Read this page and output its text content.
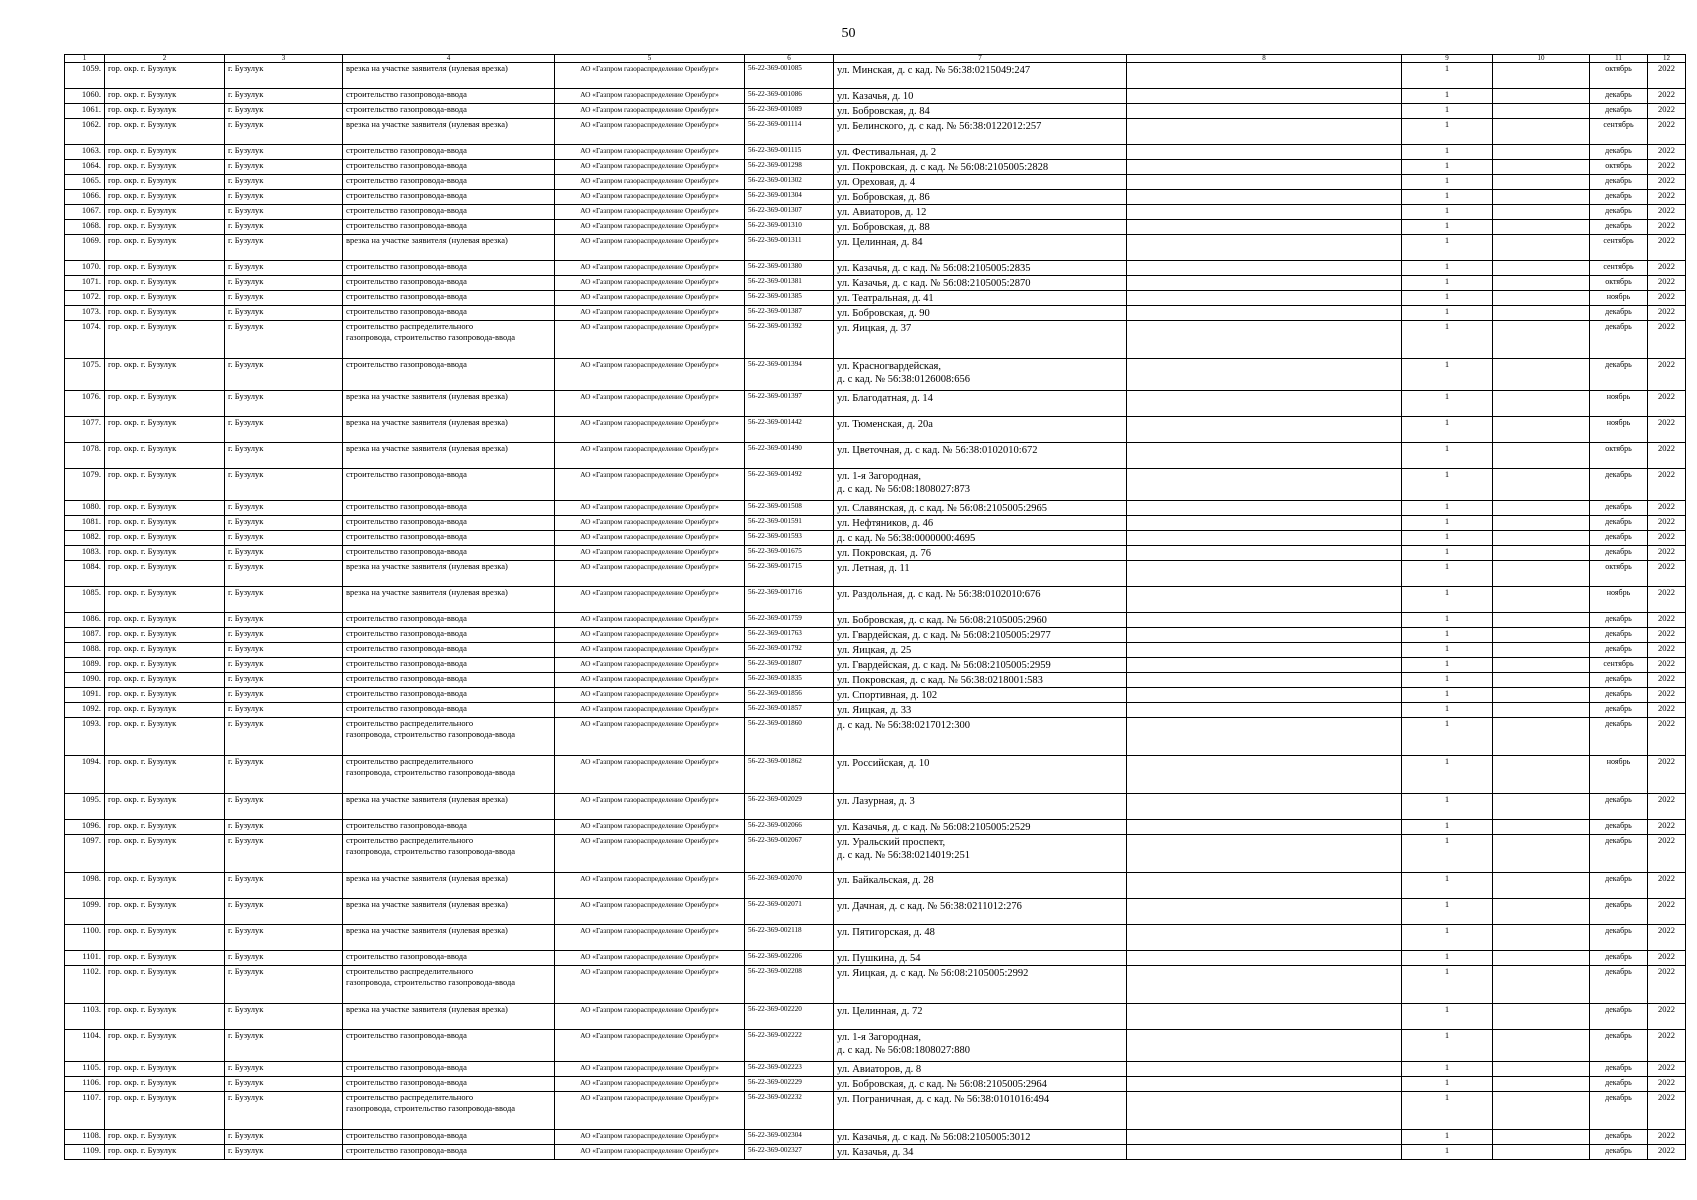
50
1	2	3	4	5	6	7	8	9	10	11	12
1059.	гор. окр. г. Бузулук	г. Бузулук	врезка на участке заявителя (нулевая врезка)	АО «Газпром газораспределение Оренбург»	56-22-369-001085	ул. Минская, д. с кад. № 56:38:0215049:247		1		октябрь	2022
1060.	гор. окр. г. Бузулук	г. Бузулук	строительство газопровода-ввода	АО «Газпром газораспределение Оренбург»	56-22-369-001086	ул. Казачья, д. 10		1		декабрь	2022
1061.	гор. окр. г. Бузулук	г. Бузулук	строительство газопровода-ввода	АО «Газпром газораспределение Оренбург»	56-22-369-001089	ул. Бобровская, д. 84		1		декабрь	2022
1062.	гор. окр. г. Бузулук	г. Бузулук	врезка на участке заявителя (нулевая врезка)	АО «Газпром газораспределение Оренбург»	56-22-369-001114	ул. Белинского, д. с кад. № 56:38:0122012:257		1		сентябрь	2022
1063.	гор. окр. г. Бузулук	г. Бузулук	строительство газопровода-ввода	АО «Газпром газораспределение Оренбург»	56-22-369-001115	ул. Фестивальная, д. 2		1		декабрь	2022
1064.	гор. окр. г. Бузулук	г. Бузулук	строительство газопровода-ввода	АО «Газпром газораспределение Оренбург»	56-22-369-001298	ул. Покровская, д. с кад. № 56:08:2105005:2828		1		октябрь	2022
1065.	гор. окр. г. Бузулук	г. Бузулук	строительство газопровода-ввода	АО «Газпром газораспределение Оренбург»	56-22-369-001302	ул. Ореховая, д. 4		1		декабрь	2022
1066.	гор. окр. г. Бузулук	г. Бузулук	строительство газопровода-ввода	АО «Газпром газораспределение Оренбург»	56-22-369-001304	ул. Бобровская, д. 86		1		декабрь	2022
1067.	гор. окр. г. Бузулук	г. Бузулук	строительство газопровода-ввода	АО «Газпром газораспределение Оренбург»	56-22-369-001307	ул. Авиаторов, д. 12		1		декабрь	2022
1068.	гор. окр. г. Бузулук	г. Бузулук	строительство газопровода-ввода	АО «Газпром газораспределение Оренбург»	56-22-369-001310	ул. Бобровская, д. 88		1		декабрь	2022
1069.	гор. окр. г. Бузулук	г. Бузулук	врезка на участке заявителя (нулевая врезка)	АО «Газпром газораспределение Оренбург»	56-22-369-001311	ул. Целинная, д. 84		1		сентябрь	2022
1070.	гор. окр. г. Бузулук	г. Бузулук	строительство газопровода-ввода	АО «Газпром газораспределение Оренбург»	56-22-369-001380	ул. Казачья, д. с кад. № 56:08:2105005:2835		1		сентябрь	2022
1071.	гор. окр. г. Бузулук	г. Бузулук	строительство газопровода-ввода	АО «Газпром газораспределение Оренбург»	56-22-369-001381	ул. Казачья, д. с кад. № 56:08:2105005:2870		1		октябрь	2022
1072.	гор. окр. г. Бузулук	г. Бузулук	строительство газопровода-ввода	АО «Газпром газораспределение Оренбург»	56-22-369-001385	ул. Театральная, д. 41		1		ноябрь	2022
1073.	гор. окр. г. Бузулук	г. Бузулук	строительство газопровода-ввода	АО «Газпром газораспределение Оренбург»	56-22-369-001387	ул. Бобровская, д. 90		1		декабрь	2022
1074.	гор. окр. г. Бузулук	г. Бузулук	строительство распределительного
газопровода, строительство газопровода-ввода	АО «Газпром газораспределение Оренбург»	56-22-369-001392	ул. Яицкая, д. 37		1		декабрь	2022
1075.	гор. окр. г. Бузулук	г. Бузулук	строительство газопровода-ввода	АО «Газпром газораспределение Оренбург»	56-22-369-001394	ул. Красногвардейская,
д. с кад. № 56:38:0126008:656		1		декабрь	2022
1076.	гор. окр. г. Бузулук	г. Бузулук	врезка на участке заявителя (нулевая врезка)	АО «Газпром газораспределение Оренбург»	56-22-369-001397	ул. Благодатная, д. 14		1		ноябрь	2022
1077.	гор. окр. г. Бузулук	г. Бузулук	врезка на участке заявителя (нулевая врезка)	АО «Газпром газораспределение Оренбург»	56-22-369-001442	ул. Тюменская, д. 20а		1		ноябрь	2022
1078.	гор. окр. г. Бузулук	г. Бузулук	врезка на участке заявителя (нулевая врезка)	АО «Газпром газораспределение Оренбург»	56-22-369-001490	ул. Цветочная, д. с кад. № 56:38:0102010:672		1		октябрь	2022
1079.	гор. окр. г. Бузулук	г. Бузулук	строительство газопровода-ввода	АО «Газпром газораспределение Оренбург»	56-22-369-001492	ул. 1-я Загородная,
д. с кад. № 56:08:1808027:873		1		декабрь	2022
1080.	гор. окр. г. Бузулук	г. Бузулук	строительство газопровода-ввода	АО «Газпром газораспределение Оренбург»	56-22-369-001508	ул. Славянская, д. с кад. № 56:08:2105005:2965		1		декабрь	2022
1081.	гор. окр. г. Бузулук	г. Бузулук	строительство газопровода-ввода	АО «Газпром газораспределение Оренбург»	56-22-369-001591	ул. Нефтяников, д. 46		1		декабрь	2022
1082.	гор. окр. г. Бузулук	г. Бузулук	строительство газопровода-ввода	АО «Газпром газораспределение Оренбург»	56-22-369-001593	д. с кад. № 56:38:0000000:4695		1		декабрь	2022
1083.	гор. окр. г. Бузулук	г. Бузулук	строительство газопровода-ввода	АО «Газпром газораспределение Оренбург»	56-22-369-001675	ул. Покровская, д. 76		1		декабрь	2022
1084.	гор. окр. г. Бузулук	г. Бузулук	врезка на участке заявителя (нулевая врезка)	АО «Газпром газораспределение Оренбург»	56-22-369-001715	ул. Летная, д. 11		1		октябрь	2022
1085.	гор. окр. г. Бузулук	г. Бузулук	врезка на участке заявителя (нулевая врезка)	АО «Газпром газораспределение Оренбург»	56-22-369-001716	ул. Раздольная, д. с кад. № 56:38:0102010:676		1		ноябрь	2022
1086.	гор. окр. г. Бузулук	г. Бузулук	строительство газопровода-ввода	АО «Газпром газораспределение Оренбург»	56-22-369-001759	ул. Бобровская, д. с кад. № 56:08:2105005:2960		1		декабрь	2022
1087.	гор. окр. г. Бузулук	г. Бузулук	строительство газопровода-ввода	АО «Газпром газораспределение Оренбург»	56-22-369-001763	ул. Гвардейская, д. с кад. № 56:08:2105005:2977		1		декабрь	2022
1088.	гор. окр. г. Бузулук	г. Бузулук	строительство газопровода-ввода	АО «Газпром газораспределение Оренбург»	56-22-369-001792	ул. Яицкая, д. 25		1		декабрь	2022
1089.	гор. окр. г. Бузулук	г. Бузулук	строительство газопровода-ввода	АО «Газпром газораспределение Оренбург»	56-22-369-001807	ул. Гвардейская, д. с кад. № 56:08:2105005:2959		1		сентябрь	2022
1090.	гор. окр. г. Бузулук	г. Бузулук	строительство газопровода-ввода	АО «Газпром газораспределение Оренбург»	56-22-369-001835	ул. Покровская, д. с кад. № 56:38:0218001:583		1		декабрь	2022
1091.	гор. окр. г. Бузулук	г. Бузулук	строительство газопровода-ввода	АО «Газпром газораспределение Оренбург»	56-22-369-001856	ул. Спортивная, д. 102		1		декабрь	2022
1092.	гор. окр. г. Бузулук	г. Бузулук	строительство газопровода-ввода	АО «Газпром газораспределение Оренбург»	56-22-369-001857	ул. Яицкая, д. 33		1		декабрь	2022
1093.	гор. окр. г. Бузулук	г. Бузулук	строительство распределительного
газопровода, строительство газопровода-ввода	АО «Газпром газораспределение Оренбург»	56-22-369-001860	д. с кад. № 56:38:0217012:300		1		декабрь	2022
1094.	гор. окр. г. Бузулук	г. Бузулук	строительство распределительного
газопровода, строительство газопровода-ввода	АО «Газпром газораспределение Оренбург»	56-22-369-001862	ул. Российская, д. 10		1		ноябрь	2022
1095.	гор. окр. г. Бузулук	г. Бузулук	врезка на участке заявителя (нулевая врезка)	АО «Газпром газораспределение Оренбург»	56-22-369-002029	ул. Лазурная, д. 3		1		декабрь	2022
1096.	гор. окр. г. Бузулук	г. Бузулук	строительство газопровода-ввода	АО «Газпром газораспределение Оренбург»	56-22-369-002066	ул. Казачья, д. с кад. № 56:08:2105005:2529		1		декабрь	2022
1097.	гор. окр. г. Бузулук	г. Бузулук	строительство распределительного
газопровода, строительство газопровода-ввода	АО «Газпром газораспределение Оренбург»	56-22-369-002067	ул. Уральский проспект,
д. с кад. № 56:38:0214019:251		1		декабрь	2022
1098.	гор. окр. г. Бузулук	г. Бузулук	врезка на участке заявителя (нулевая врезка)	АО «Газпром газораспределение Оренбург»	56-22-369-002070	ул. Байкальская, д. 28		1		декабрь	2022
1099.	гор. окр. г. Бузулук	г. Бузулук	врезка на участке заявителя (нулевая врезка)	АО «Газпром газораспределение Оренбург»	56-22-369-002071	ул. Дачная, д. с кад. № 56:38:0211012:276		1		декабрь	2022
1100.	гор. окр. г. Бузулук	г. Бузулук	врезка на участке заявителя (нулевая врезка)	АО «Газпром газораспределение Оренбург»	56-22-369-002118	ул. Пятигорская, д. 48		1		декабрь	2022
1101.	гор. окр. г. Бузулук	г. Бузулук	строительство газопровода-ввода	АО «Газпром газораспределение Оренбург»	56-22-369-002206	ул. Пушкина, д. 54		1		декабрь	2022
1102.	гор. окр. г. Бузулук	г. Бузулук	строительство распределительного
газопровода, строительство газопровода-ввода	АО «Газпром газораспределение Оренбург»	56-22-369-002208	ул. Яицкая, д. с кад. № 56:08:2105005:2992		1		декабрь	2022
1103.	гор. окр. г. Бузулук	г. Бузулук	врезка на участке заявителя (нулевая врезка)	АО «Газпром газораспределение Оренбург»	56-22-369-002220	ул. Целинная, д. 72		1		декабрь	2022
1104.	гор. окр. г. Бузулук	г. Бузулук	строительство газопровода-ввода	АО «Газпром газораспределение Оренбург»	56-22-369-002222	ул. 1-я Загородная,
д. с кад. № 56:08:1808027:880		1		декабрь	2022
1105.	гор. окр. г. Бузулук	г. Бузулук	строительство газопровода-ввода	АО «Газпром газораспределение Оренбург»	56-22-369-002223	ул. Авиаторов, д. 8		1		декабрь	2022
1106.	гор. окр. г. Бузулук	г. Бузулук	строительство газопровода-ввода	АО «Газпром газораспределение Оренбург»	56-22-369-002229	ул. Бобровская, д. с кад. № 56:08:2105005:2964		1		декабрь	2022
1107.	гор. окр. г. Бузулук	г. Бузулук	строительство распределительного
газопровода, строительство газопровода-ввода	АО «Газпром газораспределение Оренбург»	56-22-369-002232	ул. Пограничная, д. с кад. № 56:38:0101016:494		1		декабрь	2022
1108.	гор. окр. г. Бузулук	г. Бузулук	строительство газопровода-ввода	АО «Газпром газораспределение Оренбург»	56-22-369-002304	ул. Казачья, д. с кад. № 56:08:2105005:3012		1		декабрь	2022
1109.	гор. окр. г. Бузулук	г. Бузулук	строительство газопровода-ввода	АО «Газпром газораспределение Оренбург»	56-22-369-002327	ул. Казачья, д. 34		1		декабрь	2022
